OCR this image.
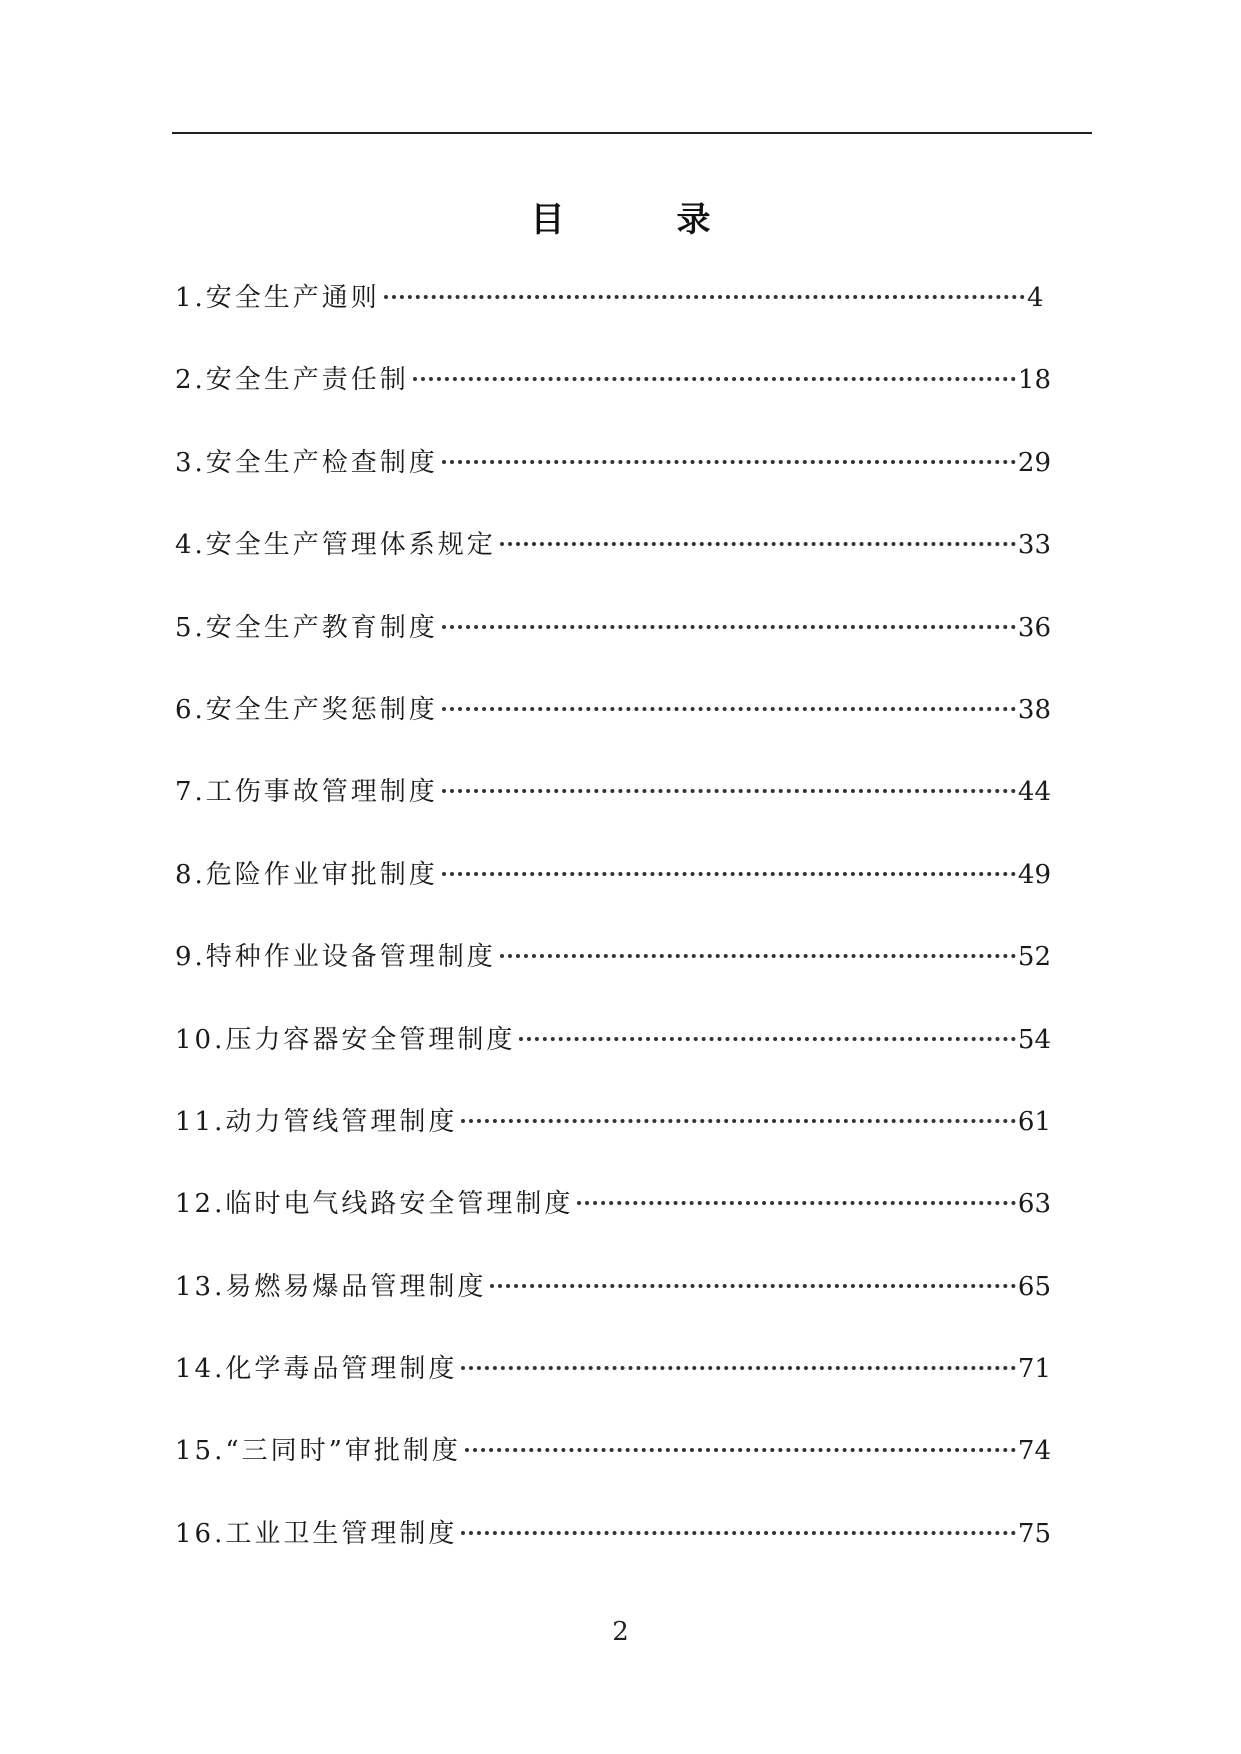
目录
1.安全生产通则	4
2.安全生产责任制	18
3.安全生产检查制度	29
4.安全生产管理体系规定	33
5.安全生产教育制度	36
6.安全生产奖惩制度	38
7.工伤事故管理制度	44
8.危险作业审批制度	49
9.特种作业设备管理制度	52
10.压力容器安全管理制度	54
11.动力管线管理制度	61
12.临时电气线路安全管理制度	63
13.易燃易爆品管理制度	65
14.化学毒品管理制度	71
15.“三同时”审批制度	74
16.工业卫生管理制度	75
2
